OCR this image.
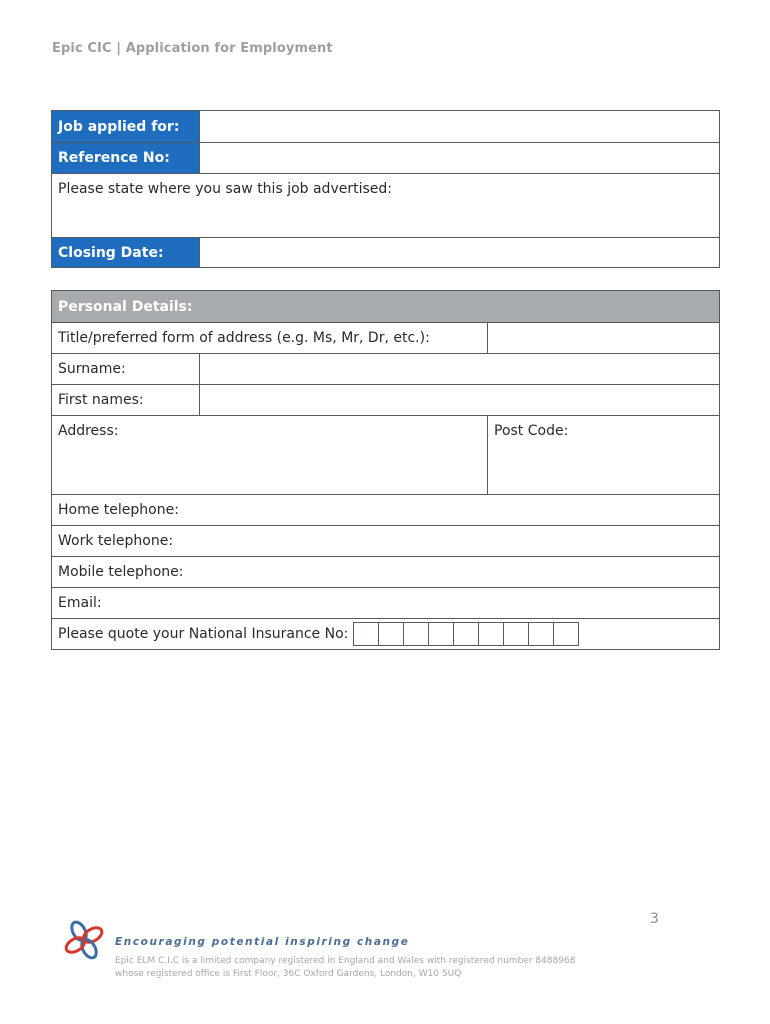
Epic CIC | Application for Employment
Job applied for:	
Reference No:	
Please state where you saw this job advertised:	
Closing Date:	
Personal Details:		
Title/preferred form of address (e.g. Ms, Mr, Dr, etc.):		
Surname:		
First names:		
Address:		Post Code:
Home telephone:		
Work telephone:		
Mobile telephone:		
Email:		

Please quote your National Insurance No:		
3
Encouraging potential inspiring change
Epic ELM C.I.C is a limited company registered in England and Wales with registered number 8488968
whose registered office is First Floor, 36C Oxford Gardens, London, W10 5UQ
